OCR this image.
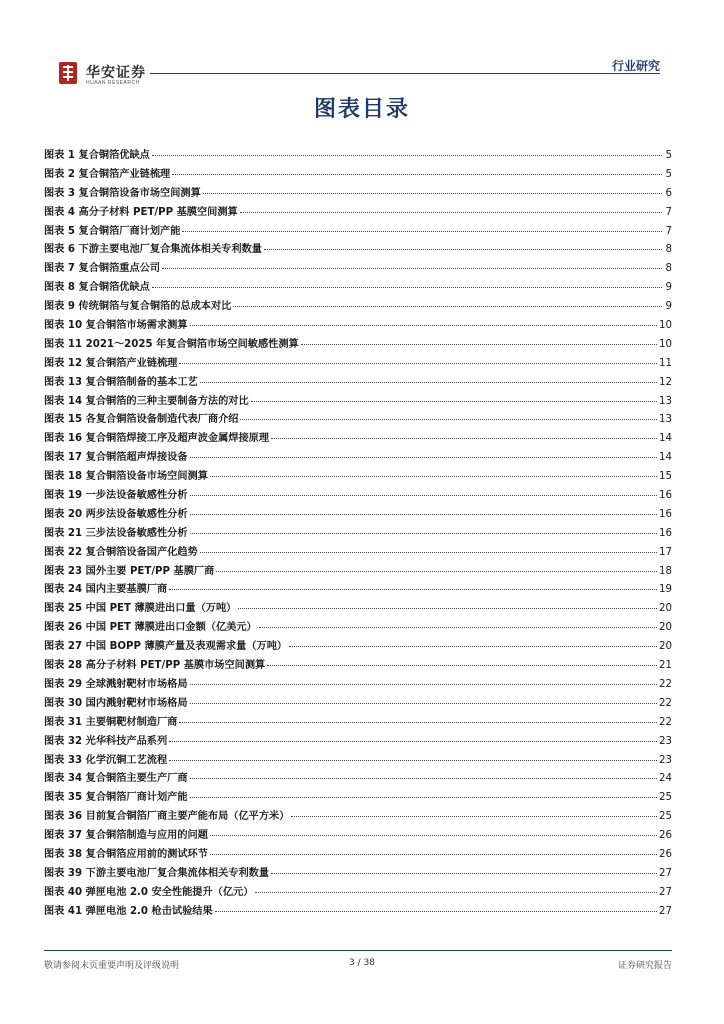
华安证券
HUAAN RESEARCH
行业研究
图表目录
图表 1 复合铜箔优缺点	5
图表 2 复合铜箔产业链梳理	5
图表 3 复合铜箔设备市场空间测算	6
图表 4 高分子材料 PET/PP 基膜空间测算	7
图表 5 复合铜箔厂商计划产能	7
图表 6 下游主要电池厂复合集流体相关专利数量	8
图表 7 复合铜箔重点公司	8
图表 8 复合铜箔优缺点	9
图表 9 传统铜箔与复合铜箔的总成本对比	9
图表 10 复合铜箔市场需求测算	10
图表 11 2021～2025 年复合铜箔市场空间敏感性测算	10
图表 12 复合铜箔产业链梳理	11
图表 13 复合铜箔制备的基本工艺	12
图表 14 复合铜箔的三种主要制备方法的对比	13
图表 15 各复合铜箔设备制造代表厂商介绍	13
图表 16 复合铜箔焊接工序及超声波金属焊接原理	14
图表 17 复合铜箔超声焊接设备	14
图表 18 复合铜箔设备市场空间测算	15
图表 19 一步法设备敏感性分析	16
图表 20 两步法设备敏感性分析	16
图表 21 三步法设备敏感性分析	16
图表 22 复合铜箔设备国产化趋势	17
图表 23 国外主要 PET/PP 基膜厂商	18
图表 24 国内主要基膜厂商	19
图表 25 中国 PET 薄膜进出口量（万吨）	20
图表 26 中国 PET 薄膜进出口金额（亿美元）	20
图表 27 中国 BOPP 薄膜产量及表观需求量（万吨）	20
图表 28 高分子材料 PET/PP 基膜市场空间测算	21
图表 29 全球溅射靶材市场格局	22
图表 30 国内溅射靶材市场格局	22
图表 31 主要铜靶材制造厂商	22
图表 32 光华科技产品系列	23
图表 33 化学沉铜工艺流程	23
图表 34 复合铜箔主要生产厂商	24
图表 35 复合铜箔厂商计划产能	25
图表 36 目前复合铜箔厂商主要产能布局（亿平方米）	25
图表 37 复合铜箔制造与应用的问题	26
图表 38 复合铜箔应用前的测试环节	26
图表 39 下游主要电池厂复合集流体相关专利数量	27
图表 40 弹匣电池 2.0 安全性能提升（亿元）	27
图表 41 弹匣电池 2.0 枪击试验结果	27
敬请参阅末页重要声明及评级说明	3 / 38	证券研究报告
